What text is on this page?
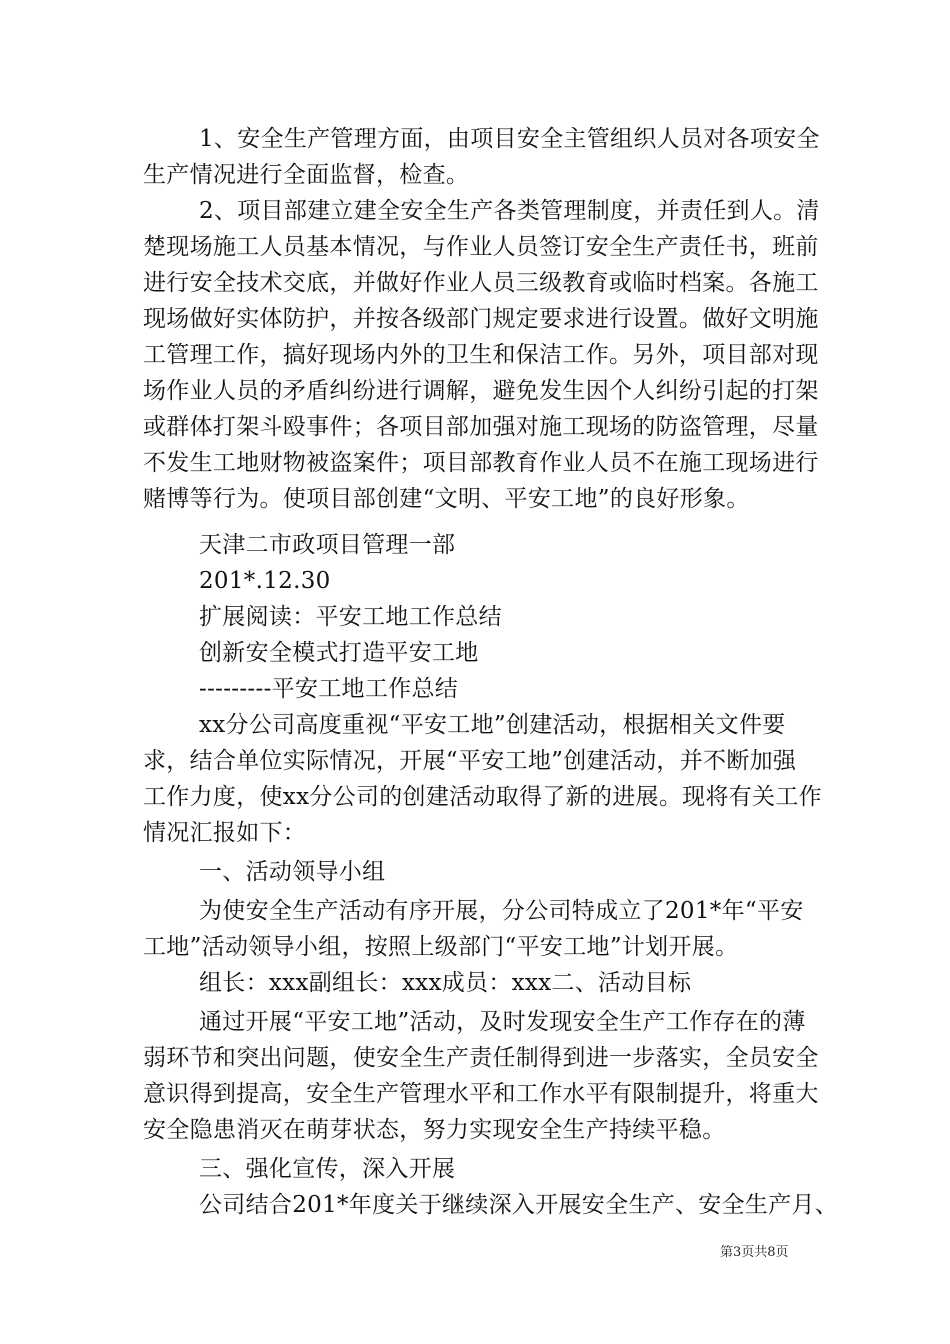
1、安全生产管理方面，由项目安全主管组织人员对各项安全
生产情况进行全面监督，检查。
2、项目部建立建全安全生产各类管理制度，并责任到人。清
楚现场施工人员基本情况，与作业人员签订安全生产责任书，班前
进行安全技术交底，并做好作业人员三级教育或临时档案。各施工
现场做好实体防护，并按各级部门规定要求进行设置。做好文明施
工管理工作，搞好现场内外的卫生和保洁工作。另外，项目部对现
场作业人员的矛盾纠纷进行调解，避免发生因个人纠纷引起的打架
或群体打架斗殴事件；各项目部加强对施工现场的防盗管理，尽量
不发生工地财物被盗案件；项目部教育作业人员不在施工现场进行
赌博等行为。使项目部创建“文明、平安工地”的良好形象。
天津二市政项目管理一部
201*.12.30
扩展阅读：平安工地工作总结
创新安全模式打造平安工地
---------平安工地工作总结
xx分公司高度重视“平安工地”创建活动，根据相关文件要
求，结合单位实际情况，开展“平安工地”创建活动，并不断加强
工作力度，使xx分公司的创建活动取得了新的进展。现将有关工作
情况汇报如下：
一、活动领导小组
为使安全生产活动有序开展，分公司特成立了201*年“平安
工地”活动领导小组，按照上级部门“平安工地”计划开展。
组长：xxx副组长：xxx成员：xxx二、活动目标
通过开展“平安工地”活动，及时发现安全生产工作存在的薄
弱环节和突出问题，使安全生产责任制得到进一步落实，全员安全
意识得到提高，安全生产管理水平和工作水平有限制提升，将重大
安全隐患消灭在萌芽状态，努力实现安全生产持续平稳。
三、强化宣传，深入开展
公司结合201*年度关于继续深入开展安全生产、安全生产月、
第3页共8页
